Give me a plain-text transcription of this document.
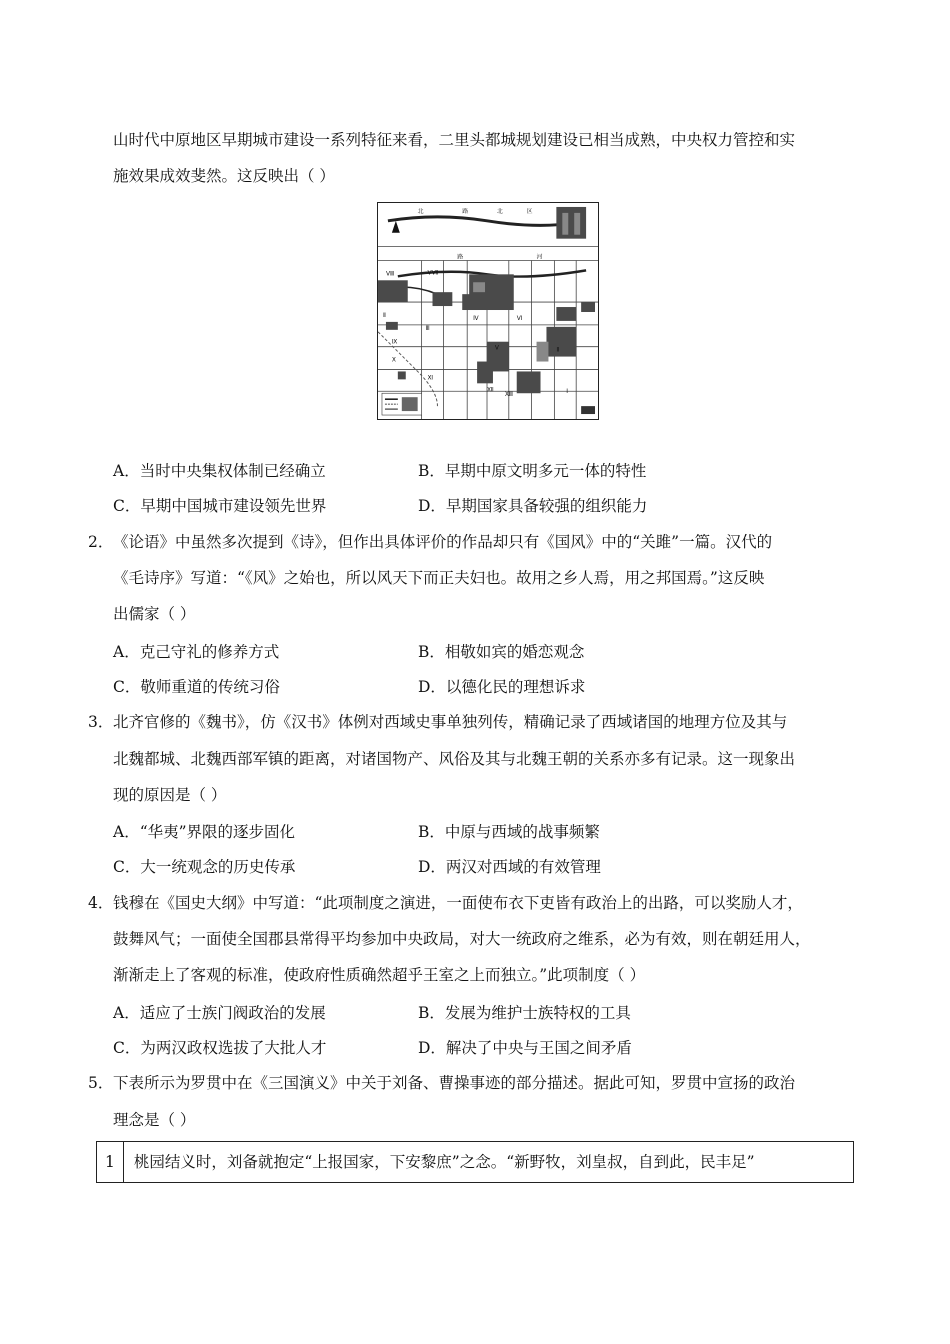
山时代中原地区早期城市建设一系列特征来看，二里头都城规划建设已相当成熟，中央权力管控和实
施效果成效斐然。这反映出（ ）
北	路	北	区
路	河
VⅢ	VⅦ
Ⅱ
Ⅲ
Ⅳ
Ⅴ
Ⅵ
Ⅸ
Ⅹ
Ⅺ
Ⅻ
XⅢ	Ⅰ
Ⅱ
A．当时中央集权体制已经确立	B．早期中原文明多元一体的特性
C．早期中国城市建设领先世界	D．早期国家具备较强的组织能力
2． 《论语》中虽然多次提到《诗》，但作出具体评价的作品却只有《国风》中的“关雎”一篇。汉代的
《毛诗序》写道：“《风》之始也，所以风天下而正夫妇也。故用之乡人焉，用之邦国焉。”这反映
出儒家（ ）
A．克己守礼的修养方式	B．相敬如宾的婚恋观念
C．敬师重道的传统习俗	D．以德化民的理想诉求
3． 北齐官修的《魏书》，仿《汉书》体例对西域史事单独列传，精确记录了西域诸国的地理方位及其与
北魏都城、北魏西部军镇的距离，对诸国物产、风俗及其与北魏王朝的关系亦多有记录。这一现象出
现的原因是（ ）
A．“华夷”界限的逐步固化	B．中原与西域的战事频繁
C．大一统观念的历史传承	D．两汉对西域的有效管理
4． 钱穆在《国史大纲》中写道：“此项制度之演进，一面使布衣下吏皆有政治上的出路，可以奖励人才，
鼓舞风气；一面使全国郡县常得平均参加中央政局，对大一统政府之维系，必为有效，则在朝廷用人，
渐渐走上了客观的标准，使政府性质确然超乎王室之上而独立。”此项制度（ ）
A．适应了士族门阀政治的发展	B．发展为维护士族特权的工具
C．为两汉政权选拔了大批人才	D．解决了中央与王国之间矛盾
5． 下表所示为罗贯中在《三国演义》中关于刘备、曹操事迹的部分描述。据此可知，罗贯中宣扬的政治
理念是（ ）
1	桃园结义时，刘备就抱定“上报国家，下安黎庶”之念。“新野牧，刘皇叔，自到此，民丰足”
